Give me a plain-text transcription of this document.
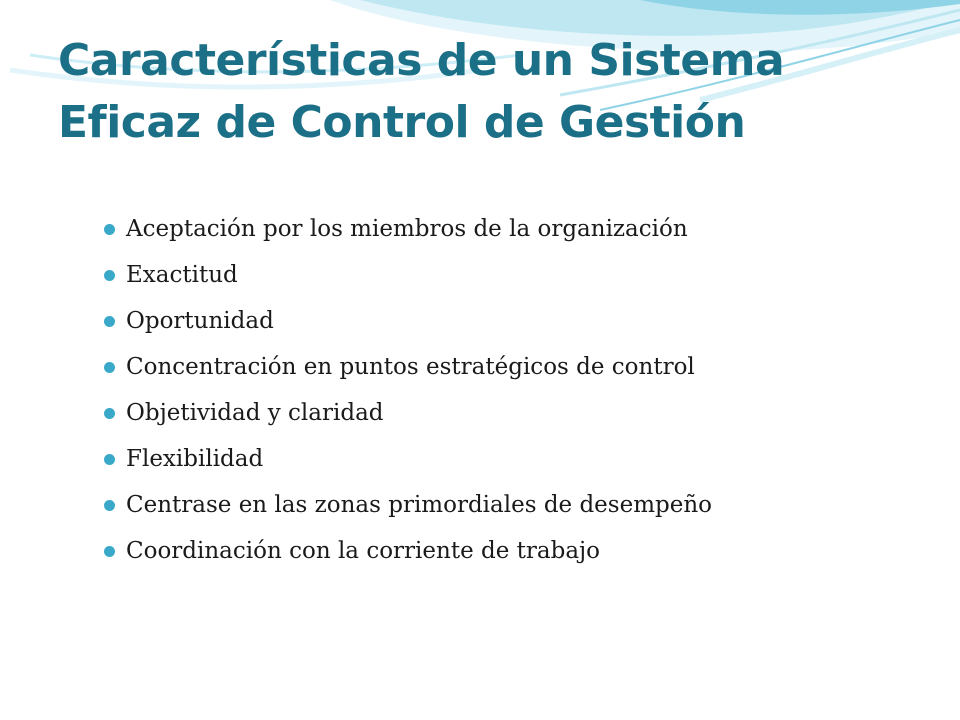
Características de un Sistema
Eficaz de Control de Gestión
Aceptación por los miembros de la organización
Exactitud
Oportunidad
Concentración en puntos estratégicos de control
Objetividad y claridad
Flexibilidad
Centrase en las zonas primordiales de desempeño
Coordinación con la corriente de trabajo
